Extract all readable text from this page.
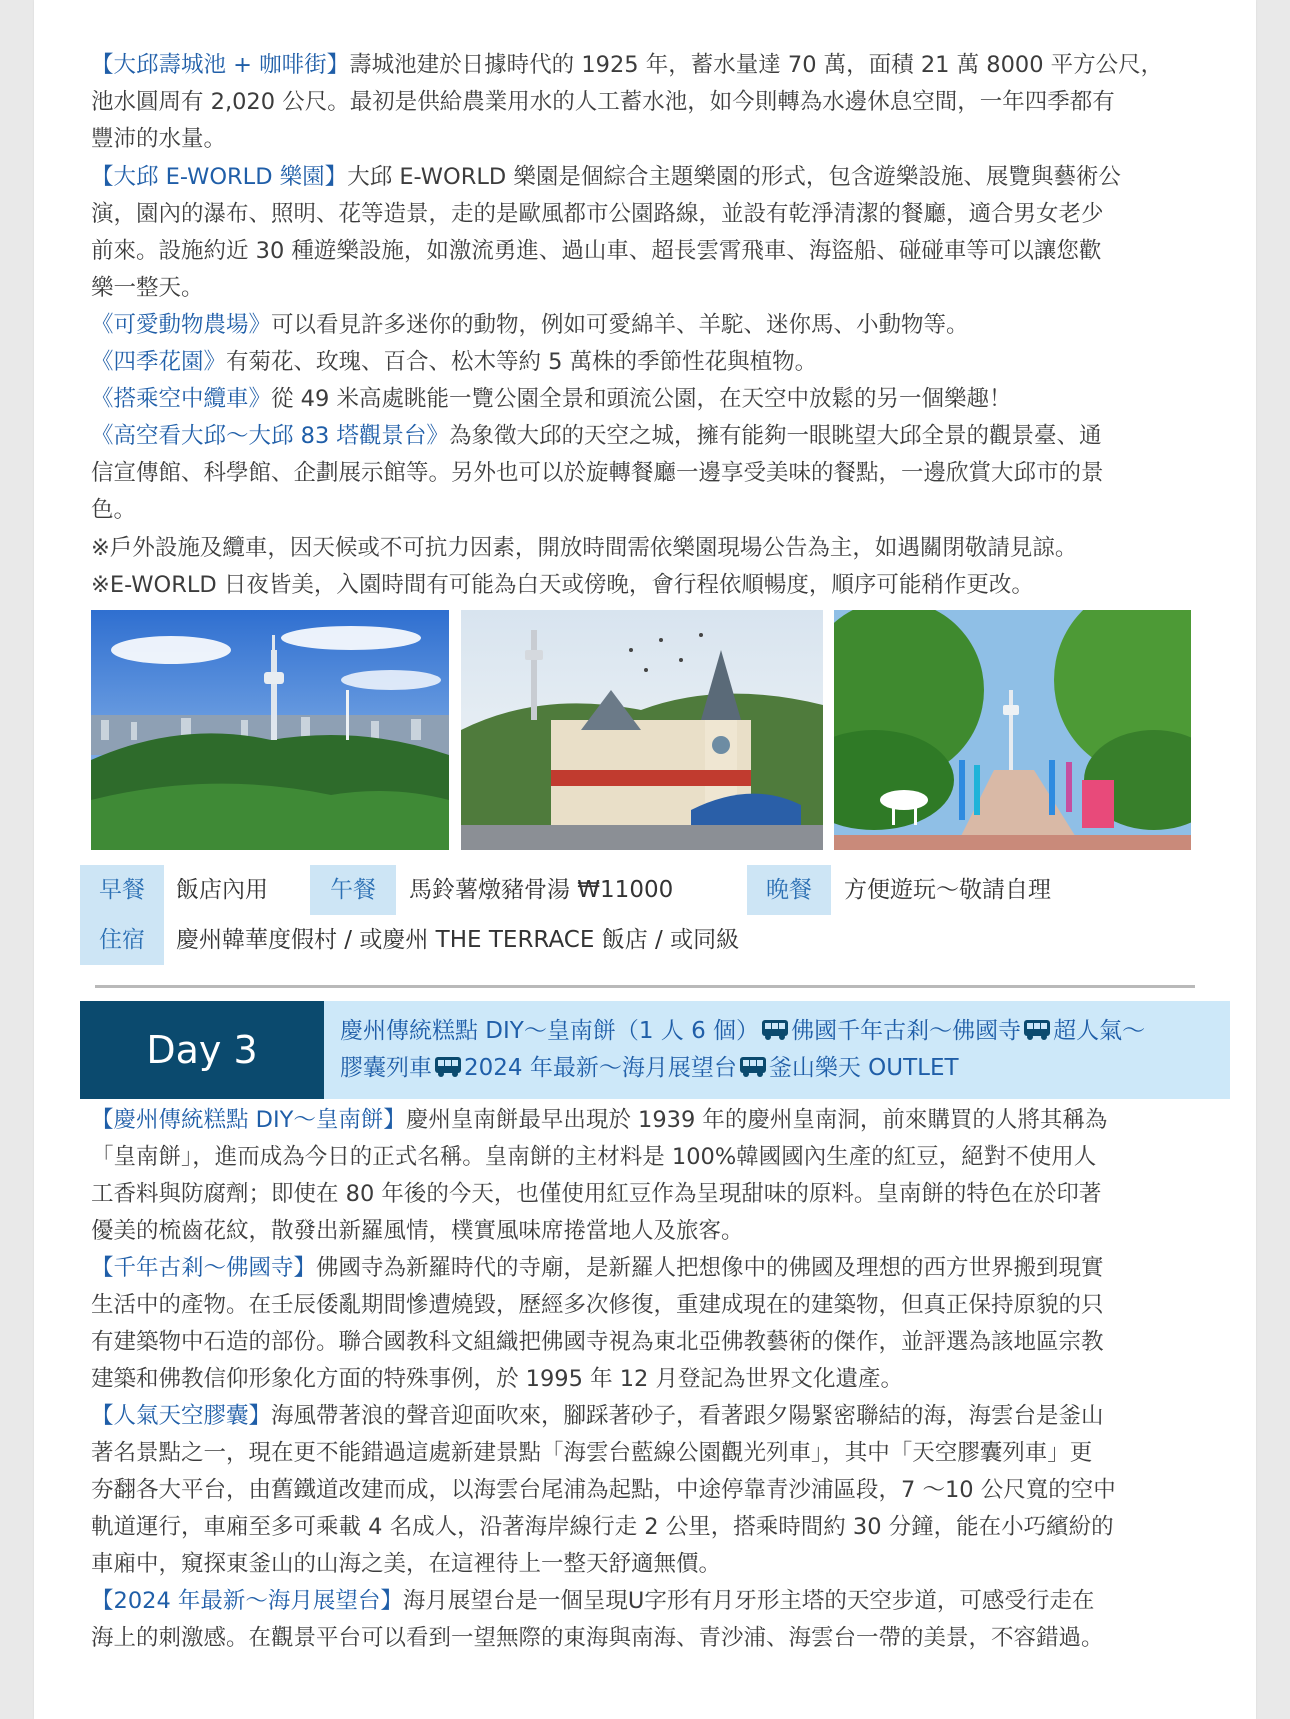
【大邱壽城池 + 咖啡街】壽城池建於日據時代的 1925 年，蓄水量達 70 萬，面積 21 萬 8000 平方公尺，
池水圓周有 2,020 公尺。最初是供給農業用水的人工蓄水池，如今則轉為水邊休息空間，一年四季都有
豐沛的水量。

【大邱 E-WORLD 樂園】大邱 E-WORLD 樂園是個綜合主題樂園的形式，包含遊樂設施、展覽與藝術公
演，園內的瀑布、照明、花等造景，走的是歐風都市公園路線，並設有乾淨清潔的餐廳，適合男女老少
前來。設施約近 30 種遊樂設施，如激流勇進、過山車、超長雲霄飛車、海盜船、碰碰車等可以讓您歡
樂一整天。

《可愛動物農場》可以看見許多迷你的動物，例如可愛綿羊、羊駝、迷你馬、小動物等。

《四季花園》有菊花、玫瑰、百合、松木等約 5 萬株的季節性花與植物。

《搭乘空中纜車》從 49 米高處眺能一覽公園全景和頭流公園，在天空中放鬆的另一個樂趣！

《高空看大邱～大邱 83 塔觀景台》為象徵大邱的天空之城，擁有能夠一眼眺望大邱全景的觀景臺、通
信宣傳館、科學館、企劃展示館等。另外也可以於旋轉餐廳一邊享受美味的餐點，一邊欣賞大邱市的景
色。

※戶外設施及纜車，因天候或不可抗力因素，開放時間需依樂園現場公告為主，如遇關閉敬請見諒。

※E-WORLD 日夜皆美，入園時間有可能為白天或傍晚，會行程依順暢度，順序可能稍作更改。

早餐	飯店內用	午餐	馬鈴薯燉豬骨湯 ₩11000	晚餐	方便遊玩～敬請自理
住宿	慶州韓華度假村 / 或慶州 THE TERRACE 飯店 / 或同級
Day 3	慶州傳統糕點 DIY～皇南餅（1 人 6 個） 佛國千年古剎～佛國寺 超人氣～
膠囊列車 2024 年最新～海月展望台 釜山樂天 OUTLET

【慶州傳統糕點 DIY～皇南餅】慶州皇南餅最早出現於 1939 年的慶州皇南洞，前來購買的人將其稱為
「皇南餅」，進而成為今日的正式名稱。皇南餅的主材料是 100%韓國國內生產的紅豆，絕對不使用人
工香料與防腐劑；即使在 80 年後的今天，也僅使用紅豆作為呈現甜味的原料。皇南餅的特色在於印著
優美的梳齒花紋，散發出新羅風情，樸實風味席捲當地人及旅客。

【千年古剎～佛國寺】佛國寺為新羅時代的寺廟，是新羅人把想像中的佛國及理想的西方世界搬到現實
生活中的產物。在壬辰倭亂期間慘遭燒毀，歷經多次修復，重建成現在的建築物，但真正保持原貌的只
有建築物中石造的部份。聯合國教科文組織把佛國寺視為東北亞佛教藝術的傑作，並評選為該地區宗教
建築和佛教信仰形象化方面的特殊事例，於 1995 年 12 月登記為世界文化遺產。

【人氣天空膠囊】海風帶著浪的聲音迎面吹來，腳踩著砂子，看著跟夕陽緊密聯結的海，海雲台是釜山
著名景點之一，現在更不能錯過這處新建景點「海雲台藍線公園觀光列車」，其中「天空膠囊列車」更
夯翻各大平台，由舊鐵道改建而成，以海雲台尾浦為起點，中途停靠青沙浦區段，7 ～10 公尺寬的空中
軌道運行，車廂至多可乘載 4 名成人，沿著海岸線行走 2 公里，搭乘時間約 30 分鐘，能在小巧繽紛的
車廂中，窺探東釜山的山海之美，在這裡待上一整天舒適無價。

【2024 年最新～海月展望台】海月展望台是一個呈現U字形有月牙形主塔的天空步道，可感受行走在
海上的刺激感。在觀景平台可以看到一望無際的東海與南海、青沙浦、海雲台一帶的美景，不容錯過。
